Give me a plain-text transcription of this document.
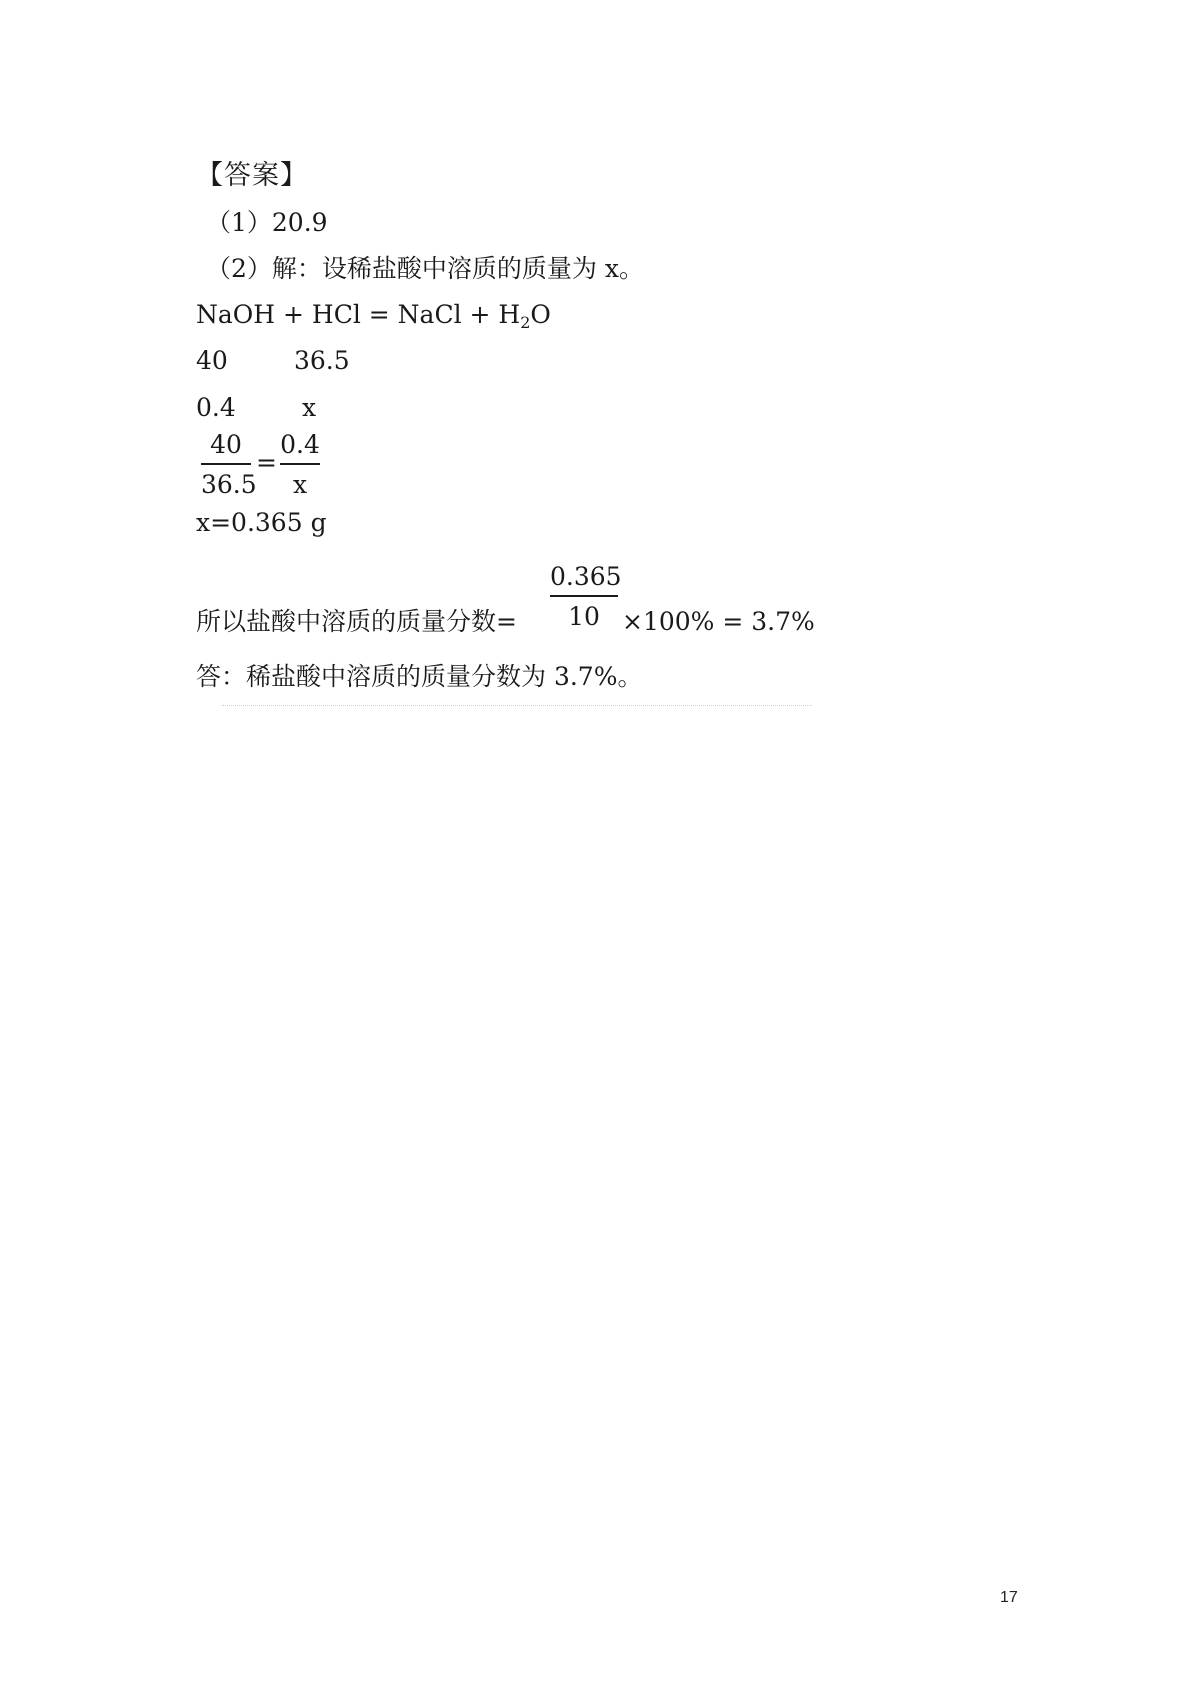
【答案】
（1）20.9
（2）解：设稀盐酸中溶质的质量为 x。
NaOH + HCl = NaCl + $H_2O$
40	36.5
0.4	x
40
36.5
=
0.4
x
x=0.365 g
所以盐酸中溶质的质量分数=
0.365
10 ×100% = 3.7%
答：稀盐酸中溶质的质量分数为 3.7%。
17
